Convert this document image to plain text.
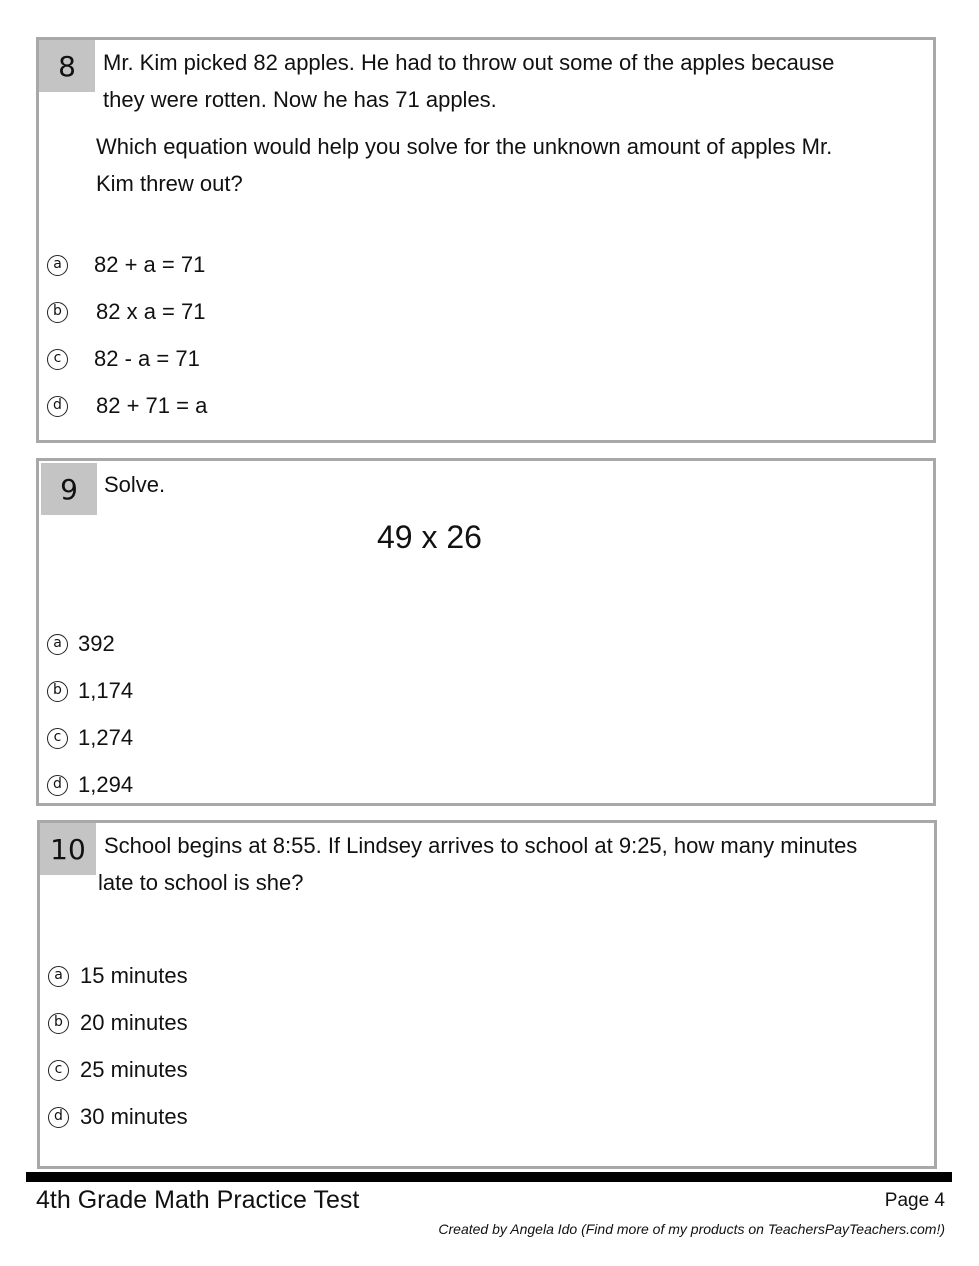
8	Mr. Kim picked 82 apples. He had to throw out some of the apples because
they were rotten. Now he has 71 apples.
Which equation would help you solve for the unknown amount of apples Mr.
Kim threw out?
a 82 + a = 71
b 82 x a = 71
c	82 - a = 71
d 82 + 71 = a
9	Solve.
49 x 26
a 392
b 1,174
c 1,274
d 1,294
10 School begins at 8:55. If Lindsey arrives to school at 9:25, how many minutes
late to school is she?
a 15 minutes
b 20 minutes
c 25 minutes
d 30 minutes
4th Grade Math Practice Test	Page 4
Created by Angela Ido (Find more of my products on TeachersPayTeachers.com!)
